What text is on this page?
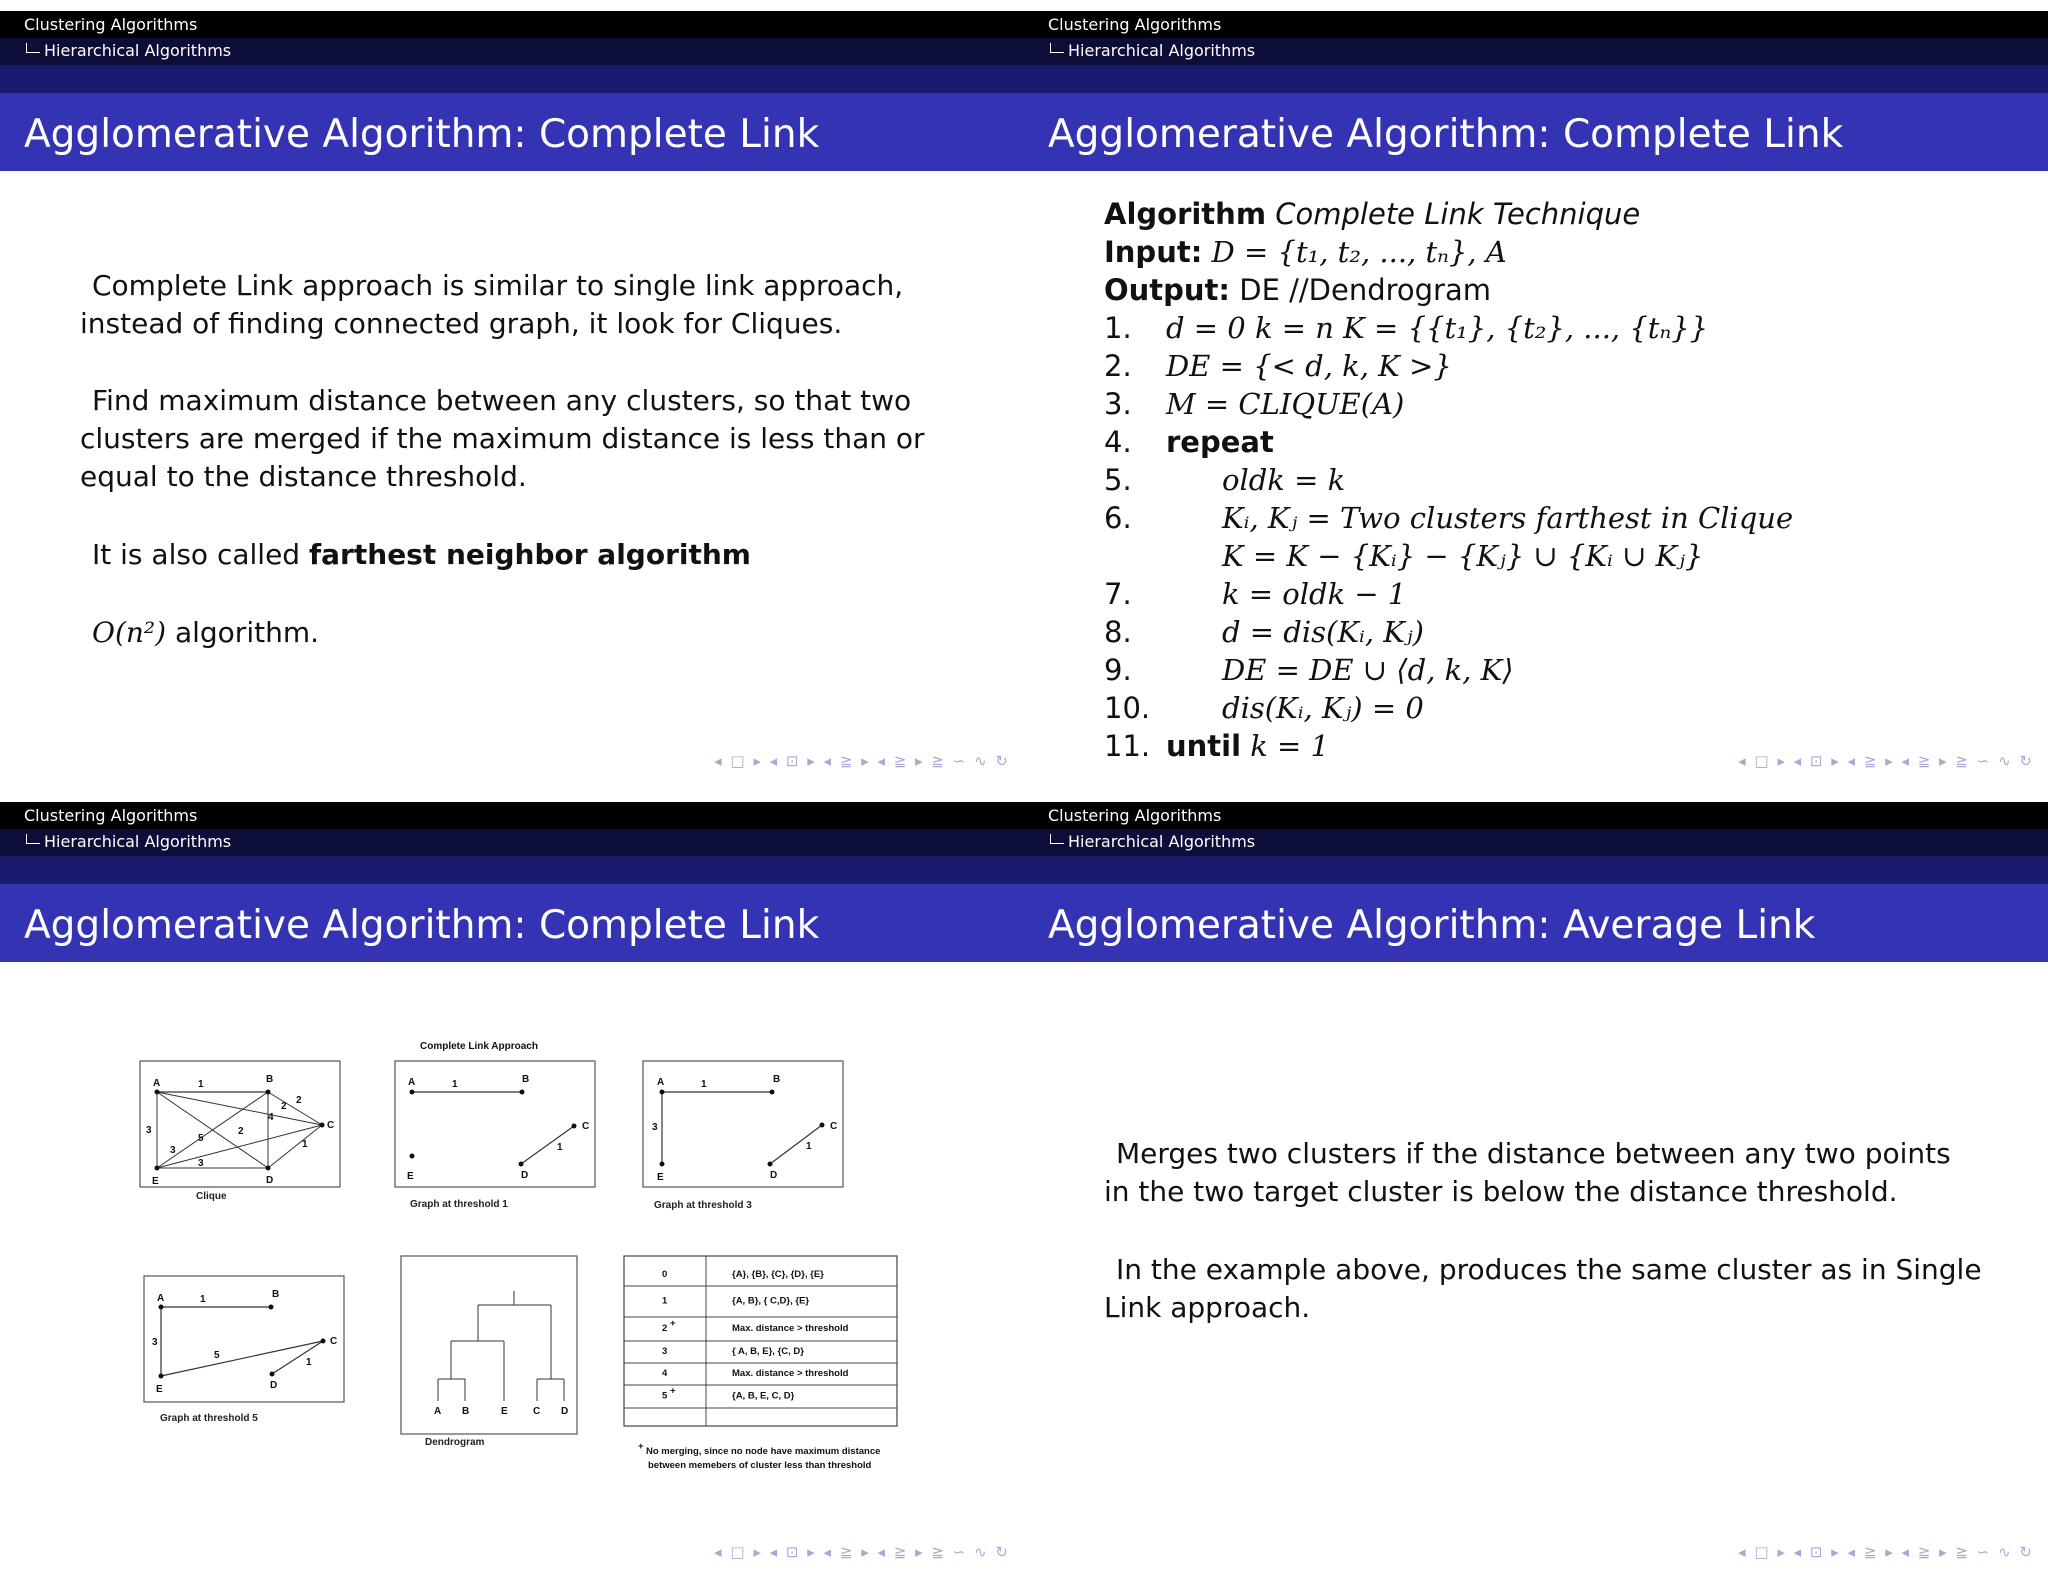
Clustering Algorithms
Hierarchical Algorithms
Agglomerative Algorithm: Complete Link
Complete Link approach is similar to single link approach, instead of finding connected graph, it look for Cliques.
Find maximum distance between any clusters, so that two clusters are merged if the maximum distance is less than or equal to the distance threshold.
It is also called farthest neighbor algorithm
O(n²) algorithm.
◂ □ ▸ ◂ ⊡ ▸ ◂ ≧ ▸ ◂ ≧ ▸ ≧ ∽ ∿ ↻
Clustering Algorithms
Hierarchical Algorithms
Agglomerative Algorithm: Complete Link
Algorithm Complete Link Technique
Input: D = {t₁, t₂, ..., tₙ}, A
Output: DE //Dendrogram
1.	d = 0 k = n K = {{t₁}, {t₂}, ..., {tₙ}}
2.	DE = {< d, k, K >}
3.	M = CLIQUE(A)
4.	repeat
5.	oldk = k
6.	Kᵢ, Kⱼ = Two clusters farthest in Clique
K = K − {Kᵢ} − {Kⱼ} ∪ {Kᵢ ∪ Kⱼ}
7.	k = oldk − 1
8.	d = dis(Kᵢ, Kⱼ)
9.	DE = DE ∪ ⟨d, k, K⟩
10.	dis(Kᵢ, Kⱼ) = 0
11. until k = 1	◂ □ ▸ ◂ ⊡ ▸ ◂ ≧ ▸ ◂ ≧ ▸ ≧ ∽ ∿ ↻
Clustering Algorithms
Hierarchical Algorithms
Agglomerative Algorithm: Complete Link
Complete Link Approach
A	B
C
D
E
1
2
2
4
2
3
5
3
1
3
Clique
A	B
C
D
E
1
1
Graph at threshold 1
A	B
C
D
E
1
3
1
Graph at threshold 3
A	B
C
D
E
1
3
5
1
Graph at threshold 5
A B	E	C D
Dendrogram
0	{A}, {B}, {C}, {D}, {E}
1	{A, B}, { C,D}, {E}
2 +	Max. distance > threshold
3	{ A, B, E}, {C, D}
4	Max. distance > threshold
5 +	{A, B, E, C, D}
+ No merging, since no node have maximum distance
between memebers of cluster less than threshold
◂ □ ▸ ◂ ⊡ ▸ ◂ ≧ ▸ ◂ ≧ ▸ ≧ ∽ ∿ ↻
Clustering Algorithms
Hierarchical Algorithms
Agglomerative Algorithm: Average Link
Merges two clusters if the distance between any two points in the two target cluster is below the distance threshold.
In the example above, produces the same cluster as in Single Link approach.
◂ □ ▸ ◂ ⊡ ▸ ◂ ≧ ▸ ◂ ≧ ▸ ≧ ∽ ∿ ↻
